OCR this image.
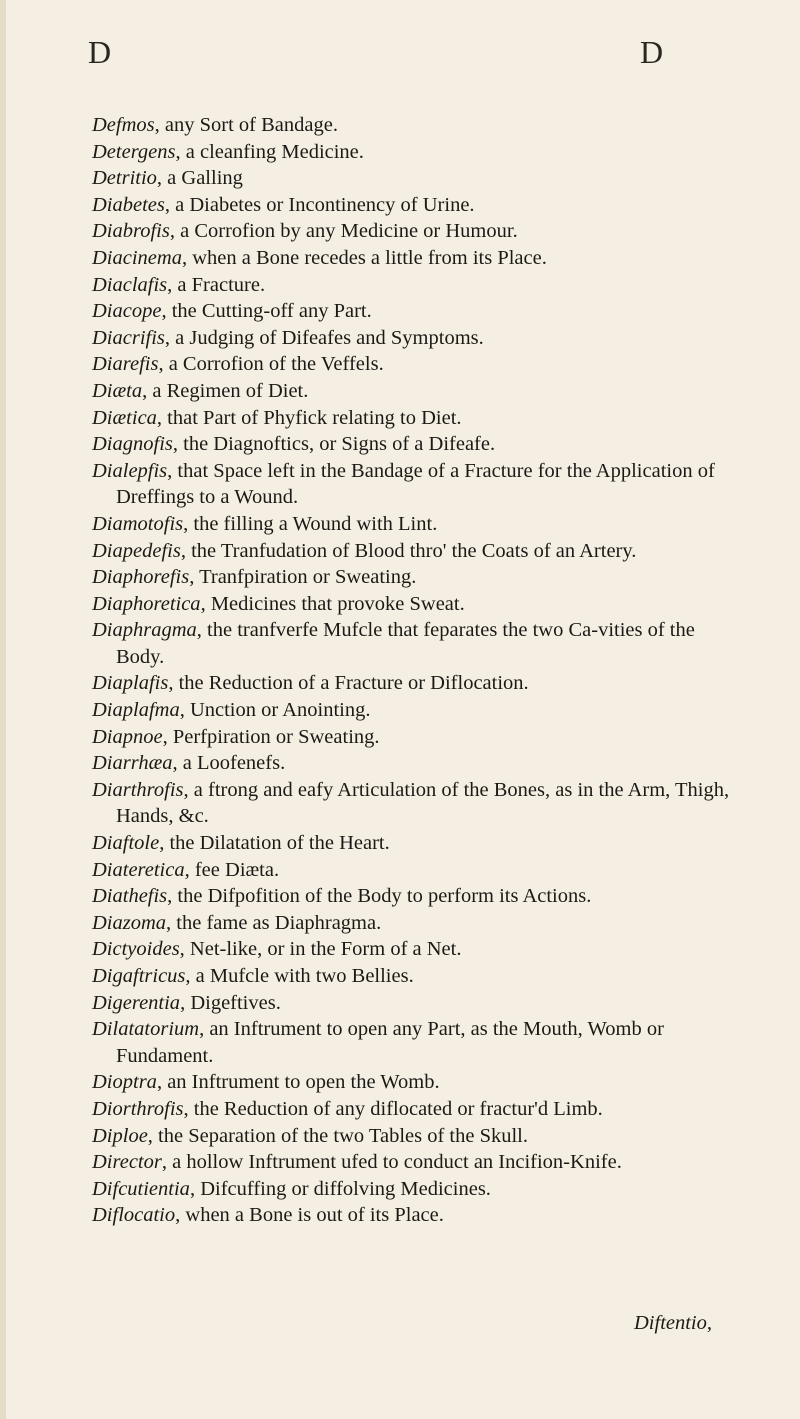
D	D

Defmos, any Sort of Bandage.

Detergens, a cleanfing Medicine.

Detritio, a Galling

Diabetes, a Diabetes or Incontinency of Urine.

Diabrofis, a Corrofion by any Medicine or Humour.

Diacinema, when a Bone recedes a little from its Place.

Diaclafis, a Fracture.

Diacope, the Cutting-off any Part.

Diacrifis, a Judging of Difeafes and Symptoms.

Diarefis, a Corrofion of the Veffels.

Diæta, a Regimen of Diet.

Diætica, that Part of Phyfick relating to Diet.

Diagnofis, the Diagnoftics, or Signs of a Difeafe.

Dialepfis, that Space left in the Bandage of a Fracture for the Application of Dreffings to a Wound.

Diamotofis, the filling a Wound with Lint.

Diapedefis, the Tranfudation of Blood thro' the Coats of an Artery.

Diaphorefis, Tranfpiration or Sweating.

Diaphoretica, Medicines that provoke Sweat.

Diaphragma, the tranfverfe Mufcle that feparates the two Ca-vities of the Body.

Diaplafis, the Reduction of a Fracture or Diflocation.

Diaplafma, Unction or Anointing.

Diapnoe, Perfpiration or Sweating.

Diarrhæa, a Loofenefs.

Diarthrofis, a ftrong and eafy Articulation of the Bones, as in the Arm, Thigh, Hands, &c.

Diaftole, the Dilatation of the Heart.

Diateretica, fee Diæta.

Diathefis, the Difpofition of the Body to perform its Actions.

Diazoma, the fame as Diaphragma.

Dictyoides, Net-like, or in the Form of a Net.

Digaftricus, a Mufcle with two Bellies.

Digerentia, Digeftives.

Dilatatorium, an Inftrument to open any Part, as the Mouth, Womb or Fundament.

Dioptra, an Inftrument to open the Womb.

Diorthrofis, the Reduction of any diflocated or fractur'd Limb.

Diploe, the Separation of the two Tables of the Skull.

Director, a hollow Inftrument ufed to conduct an Incifion-Knife.

Difcutientia, Difcuffing or diffolving Medicines.

Diflocatio, when a Bone is out of its Place.

Diftentio,
